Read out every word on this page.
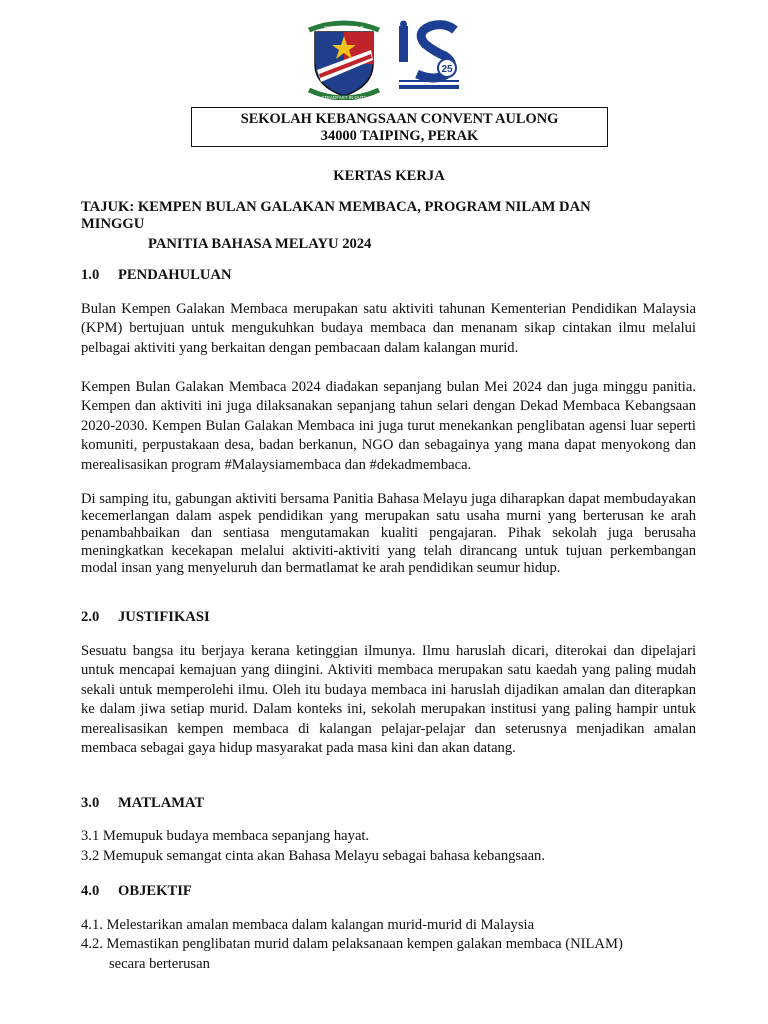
SIMPLE IN VIRTUE
STEADFAST IN DUTY
25
SEKOLAH KEBANGSAAN CONVENT AULONG
34000 TAIPING, PERAK
KERTAS KERJA
TAJUK: KEMPEN BULAN GALAKAN MEMBACA, PROGRAM NILAM DAN
MINGGU
PANITIA BAHASA MELAYU 2024
1.0 PENDAHULUAN

Bulan Kempen Galakan Membaca merupakan satu aktiviti tahunan Kementerian Pendidikan Malaysia (KPM) bertujuan untuk mengukuhkan budaya membaca dan menanam sikap cintakan ilmu melalui pelbagai aktiviti yang berkaitan dengan pembacaan dalam kalangan murid.

Kempen Bulan Galakan Membaca 2024 diadakan sepanjang bulan Mei 2024 dan juga minggu panitia. Kempen dan aktiviti ini juga dilaksanakan sepanjang tahun selari dengan Dekad Membaca Kebangsaan 2020-2030. Kempen Bulan Galakan Membaca ini juga turut menekankan penglibatan agensi luar seperti komuniti, perpustakaan desa, badan berkanun, NGO dan sebagainya yang mana dapat menyokong dan merealisasikan program #Malaysiamembaca dan #dekadmembaca.

Di samping itu, gabungan aktiviti bersama Panitia Bahasa Melayu juga diharapkan dapat membudayakan kecemerlangan dalam aspek pendidikan yang merupakan satu usaha murni yang berterusan ke arah penambahbaikan dan sentiasa mengutamakan kualiti pengajaran. Pihak sekolah juga berusaha meningkatkan kecekapan melalui aktiviti-aktiviti yang telah dirancang untuk tujuan perkembangan modal insan yang menyeluruh dan bermatlamat ke arah pendidikan seumur hidup.

2.0 JUSTIFIKASI

Sesuatu bangsa itu berjaya kerana ketinggian ilmunya. Ilmu haruslah dicari, diterokai dan dipelajari untuk mencapai kemajuan yang diingini. Aktiviti membaca merupakan satu kaedah yang paling mudah sekali untuk memperolehi ilmu. Oleh itu budaya membaca ini haruslah dijadikan amalan dan diterapkan ke dalam jiwa setiap murid. Dalam konteks ini, sekolah merupakan institusi yang paling hampir untuk merealisasikan kempen membaca di kalangan pelajar-pelajar dan seterusnya menjadikan amalan membaca sebagai gaya hidup masyarakat pada masa kini dan akan datang.

3.0 MATLAMAT
3.1 Memupuk budaya membaca sepanjang hayat.
3.2 Memupuk semangat cinta akan Bahasa Melayu sebagai bahasa kebangsaan.
4.0 OBJEKTIF
4.1. Melestarikan amalan membaca dalam kalangan murid-murid di Malaysia
4.2. Memastikan penglibatan murid dalam pelaksanaan kempen galakan membaca (NILAM)
secara berterusan
